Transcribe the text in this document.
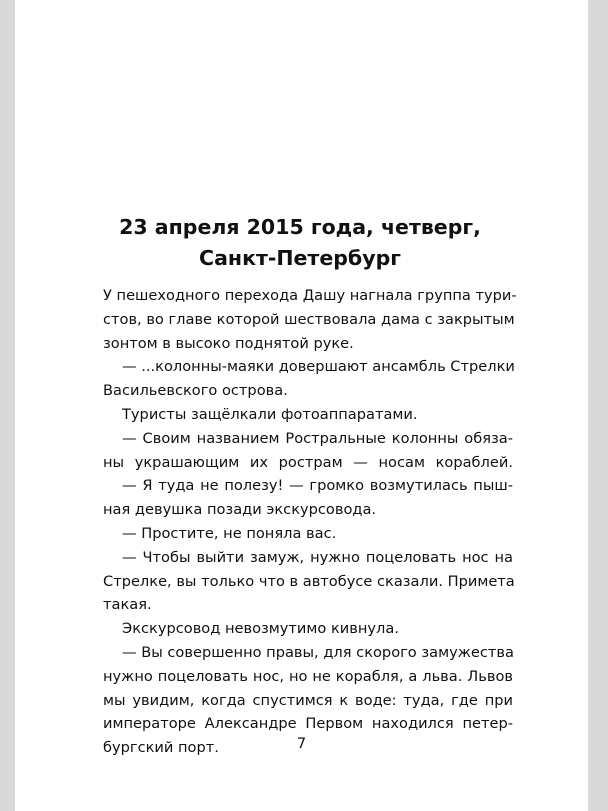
23 апреля 2015 года, четверг,
Санкт-Петербург
У пешеходного перехода Дашу нагнала группа тури-
стов, во главе которой шествовала дама с закрытым
зонтом в высоко поднятой руке.
— ...колонны-маяки довершают ансамбль Стрелки
Васильевского острова.
Туристы защёлкали фотоаппаратами.
— Своим названием Ростральные колонны обяза-
ны украшающим их рострам — носам кораблей.
— Я туда не полезу! — громко возмутилась пыш-
ная девушка позади экскурсовода.
— Простите, не поняла вас.
— Чтобы выйти замуж, нужно поцеловать нос на
Стрелке, вы только что в автобусе сказали. Примета
такая.
Экскурсовод невозмутимо кивнула.
— Вы совершенно правы, для скорого замужества
нужно поцеловать нос, но не корабля, а льва. Львов
мы увидим, когда спустимся к воде: туда, где при
императоре Александре Первом находился петер-
бургский порт.	7
